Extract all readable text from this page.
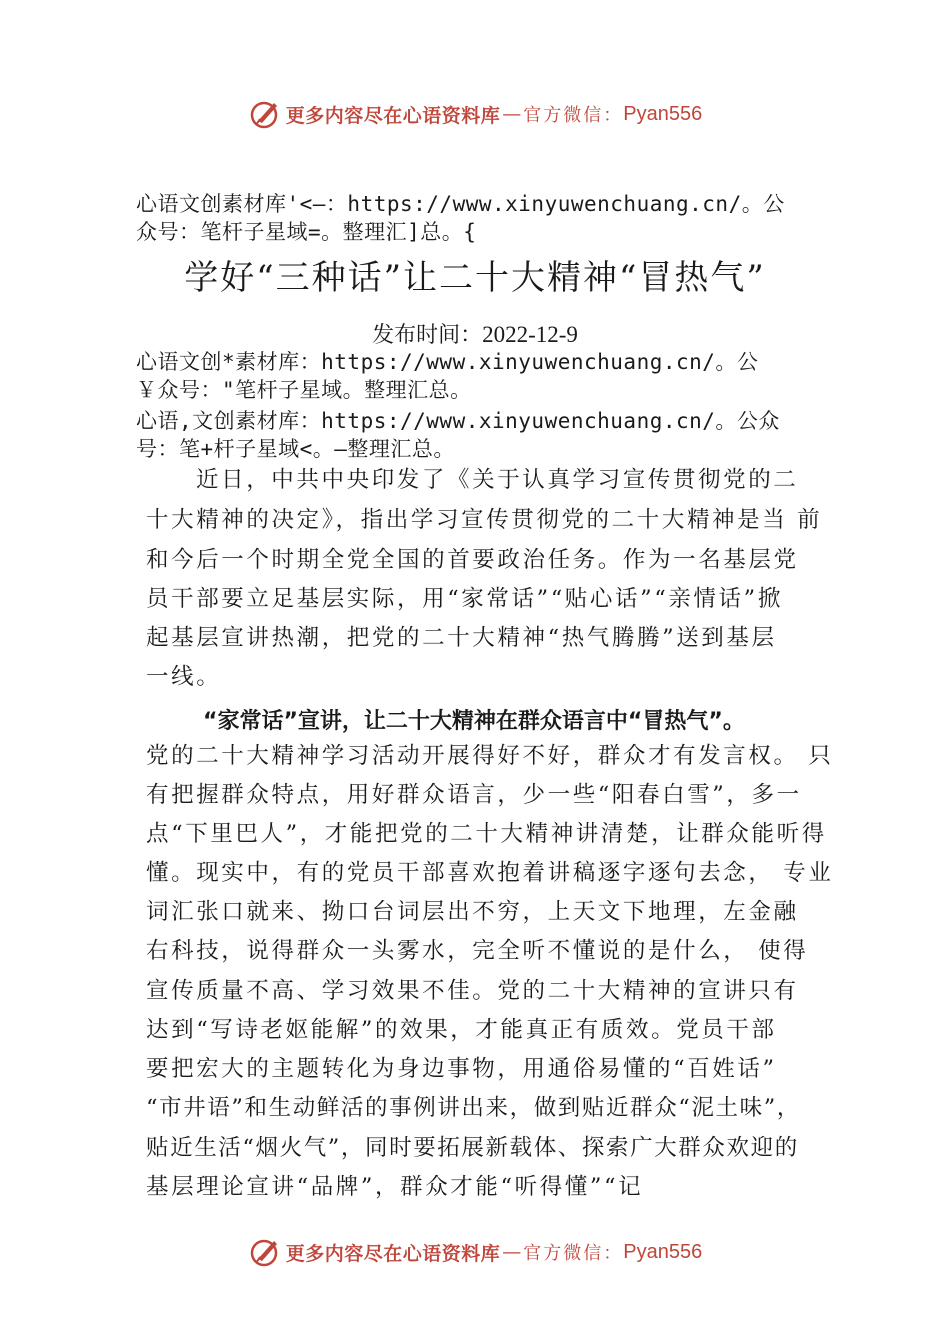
更多内容尽在心语资料库 — 官方微信： Pyan556
心语文创素材库'<—：https://www.xinyuwenchuang.cn/。公
众号：笔杆子星域=。整理汇]总。{
学好“三种话”让二十大精神“冒热气”
发布时间：2022-12-9
心语文创*素材库：https://www.xinyuwenchuang.cn/。公
￥众号："笔杆子星域。整理汇总。
心语,文创素材库：https://www.xinyuwenchuang.cn/。公众
号：笔+杆子星域<。—整理汇总。
近日，中共中央印发了《关于认真学习宣传贯彻党的二
十大精神的决定》，指出学习宣传贯彻党的二十大精神是当 前
和今后一个时期全党全国的首要政治任务。作为一名基层党
员干部要立足基层实际，用“家常话”“贴心话”“亲情话”掀
起基层宣讲热潮，把党的二十大精神“热气腾腾”送到基层
一线。
“家常话”宣讲，让二十大精神在群众语言中“冒热气”。
党的二十大精神学习活动开展得好不好，群众才有发言权。 只
有把握群众特点，用好群众语言，少一些“阳春白雪”，多一
点“下里巴人”，才能把党的二十大精神讲清楚，让群众能听得
懂。现实中，有的党员干部喜欢抱着讲稿逐字逐句去念， 专业
词汇张口就来、拗口台词层出不穷，上天文下地理，左金融
右科技，说得群众一头雾水，完全听不懂说的是什么， 使得
宣传质量不高、学习效果不佳。党的二十大精神的宣讲只有
达到“写诗老妪能解”的效果，才能真正有质效。党员干部
要把宏大的主题转化为身边事物，用通俗易懂的“百姓话”
“市井语”和生动鲜活的事例讲出来，做到贴近群众“泥土味”，
贴近生活“烟火气”，同时要拓展新载体、探索广大群众欢迎的
基层理论宣讲“品牌”，群众才能“听得懂”“记
更多内容尽在心语资料库 — 官方微信： Pyan556
